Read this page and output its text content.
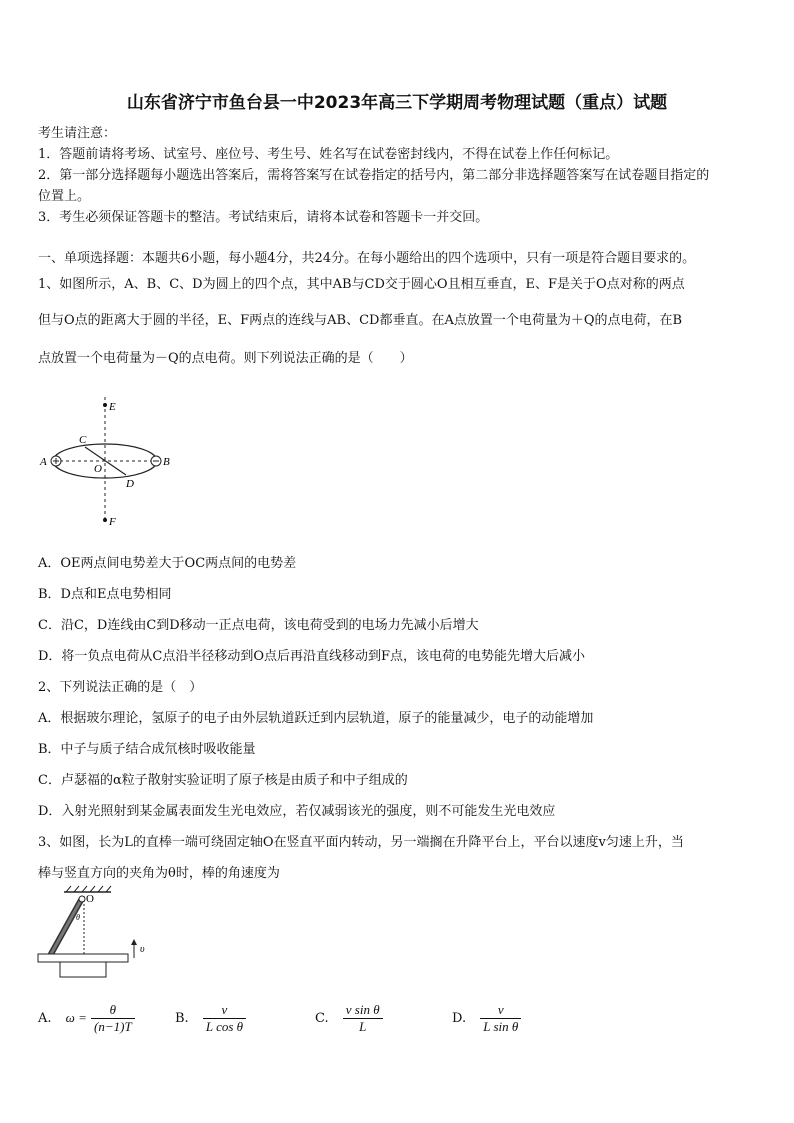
山东省济宁市鱼台县一中2023年高三下学期周考物理试题（重点）试题
考生请注意：
1．答题前请将考场、试室号、座位号、考生号、姓名写在试卷密封线内，不得在试卷上作任何标记。
2．第一部分选择题每小题选出答案后，需将答案写在试卷指定的括号内，第二部分非选择题答案写在试卷题目指定的
位置上。
3．考生必须保证答题卡的整洁。考试结束后，请将本试卷和答题卡一并交回。
一、单项选择题：本题共6小题，每小题4分，共24分。在每小题给出的四个选项中，只有一项是符合题目要求的。
1、如图所示，A、B、C、D为圆上的四个点，其中AB与CD交于圆心O且相互垂直，E、F是关于O点对称的两点
但与O点的距离大于圆的半径，E、F两点的连线与AB、CD都垂直。在A点放置一个电荷量为＋Q的点电荷，在B
点放置一个电荷量为－Q的点电荷。则下列说法正确的是（　　）
E
F
A	B
C
D
O
A．OE两点间电势差大于OC两点间的电势差
B．D点和E点电势相同
C．沿C，D连线由C到D移动一正点电荷，该电荷受到的电场力先减小后增大
D．将一负点电荷从C点沿半径移动到O点后再沿直线移动到F点，该电荷的电势能先增大后减小
2、下列说法正确的是（　）
A．根据玻尔理论，氢原子的电子由外层轨道跃迁到内层轨道，原子的能量减少，电子的动能增加
B．中子与质子结合成氘核时吸收能量
C．卢瑟福的α粒子散射实验证明了原子核是由质子和中子组成的
D．入射光照射到某金属表面发生光电效应，若仅减弱该光的强度，则不可能发生光电效应
3、如图，长为L的直棒一端可绕固定轴O在竖直平面内转动，另一端搁在升降平台上，平台以速度v匀速上升，当
棒与竖直方向的夹角为θ时，棒的角速度为
O
θ
υ
A. $\omega = \frac{\theta}{(n-1)T}$	B. $\frac{v}{\text{L cos θ}}$	C. $\frac{\text{v sin θ}}{L}$	D. $\frac{v}{\text{L sin θ}}$
